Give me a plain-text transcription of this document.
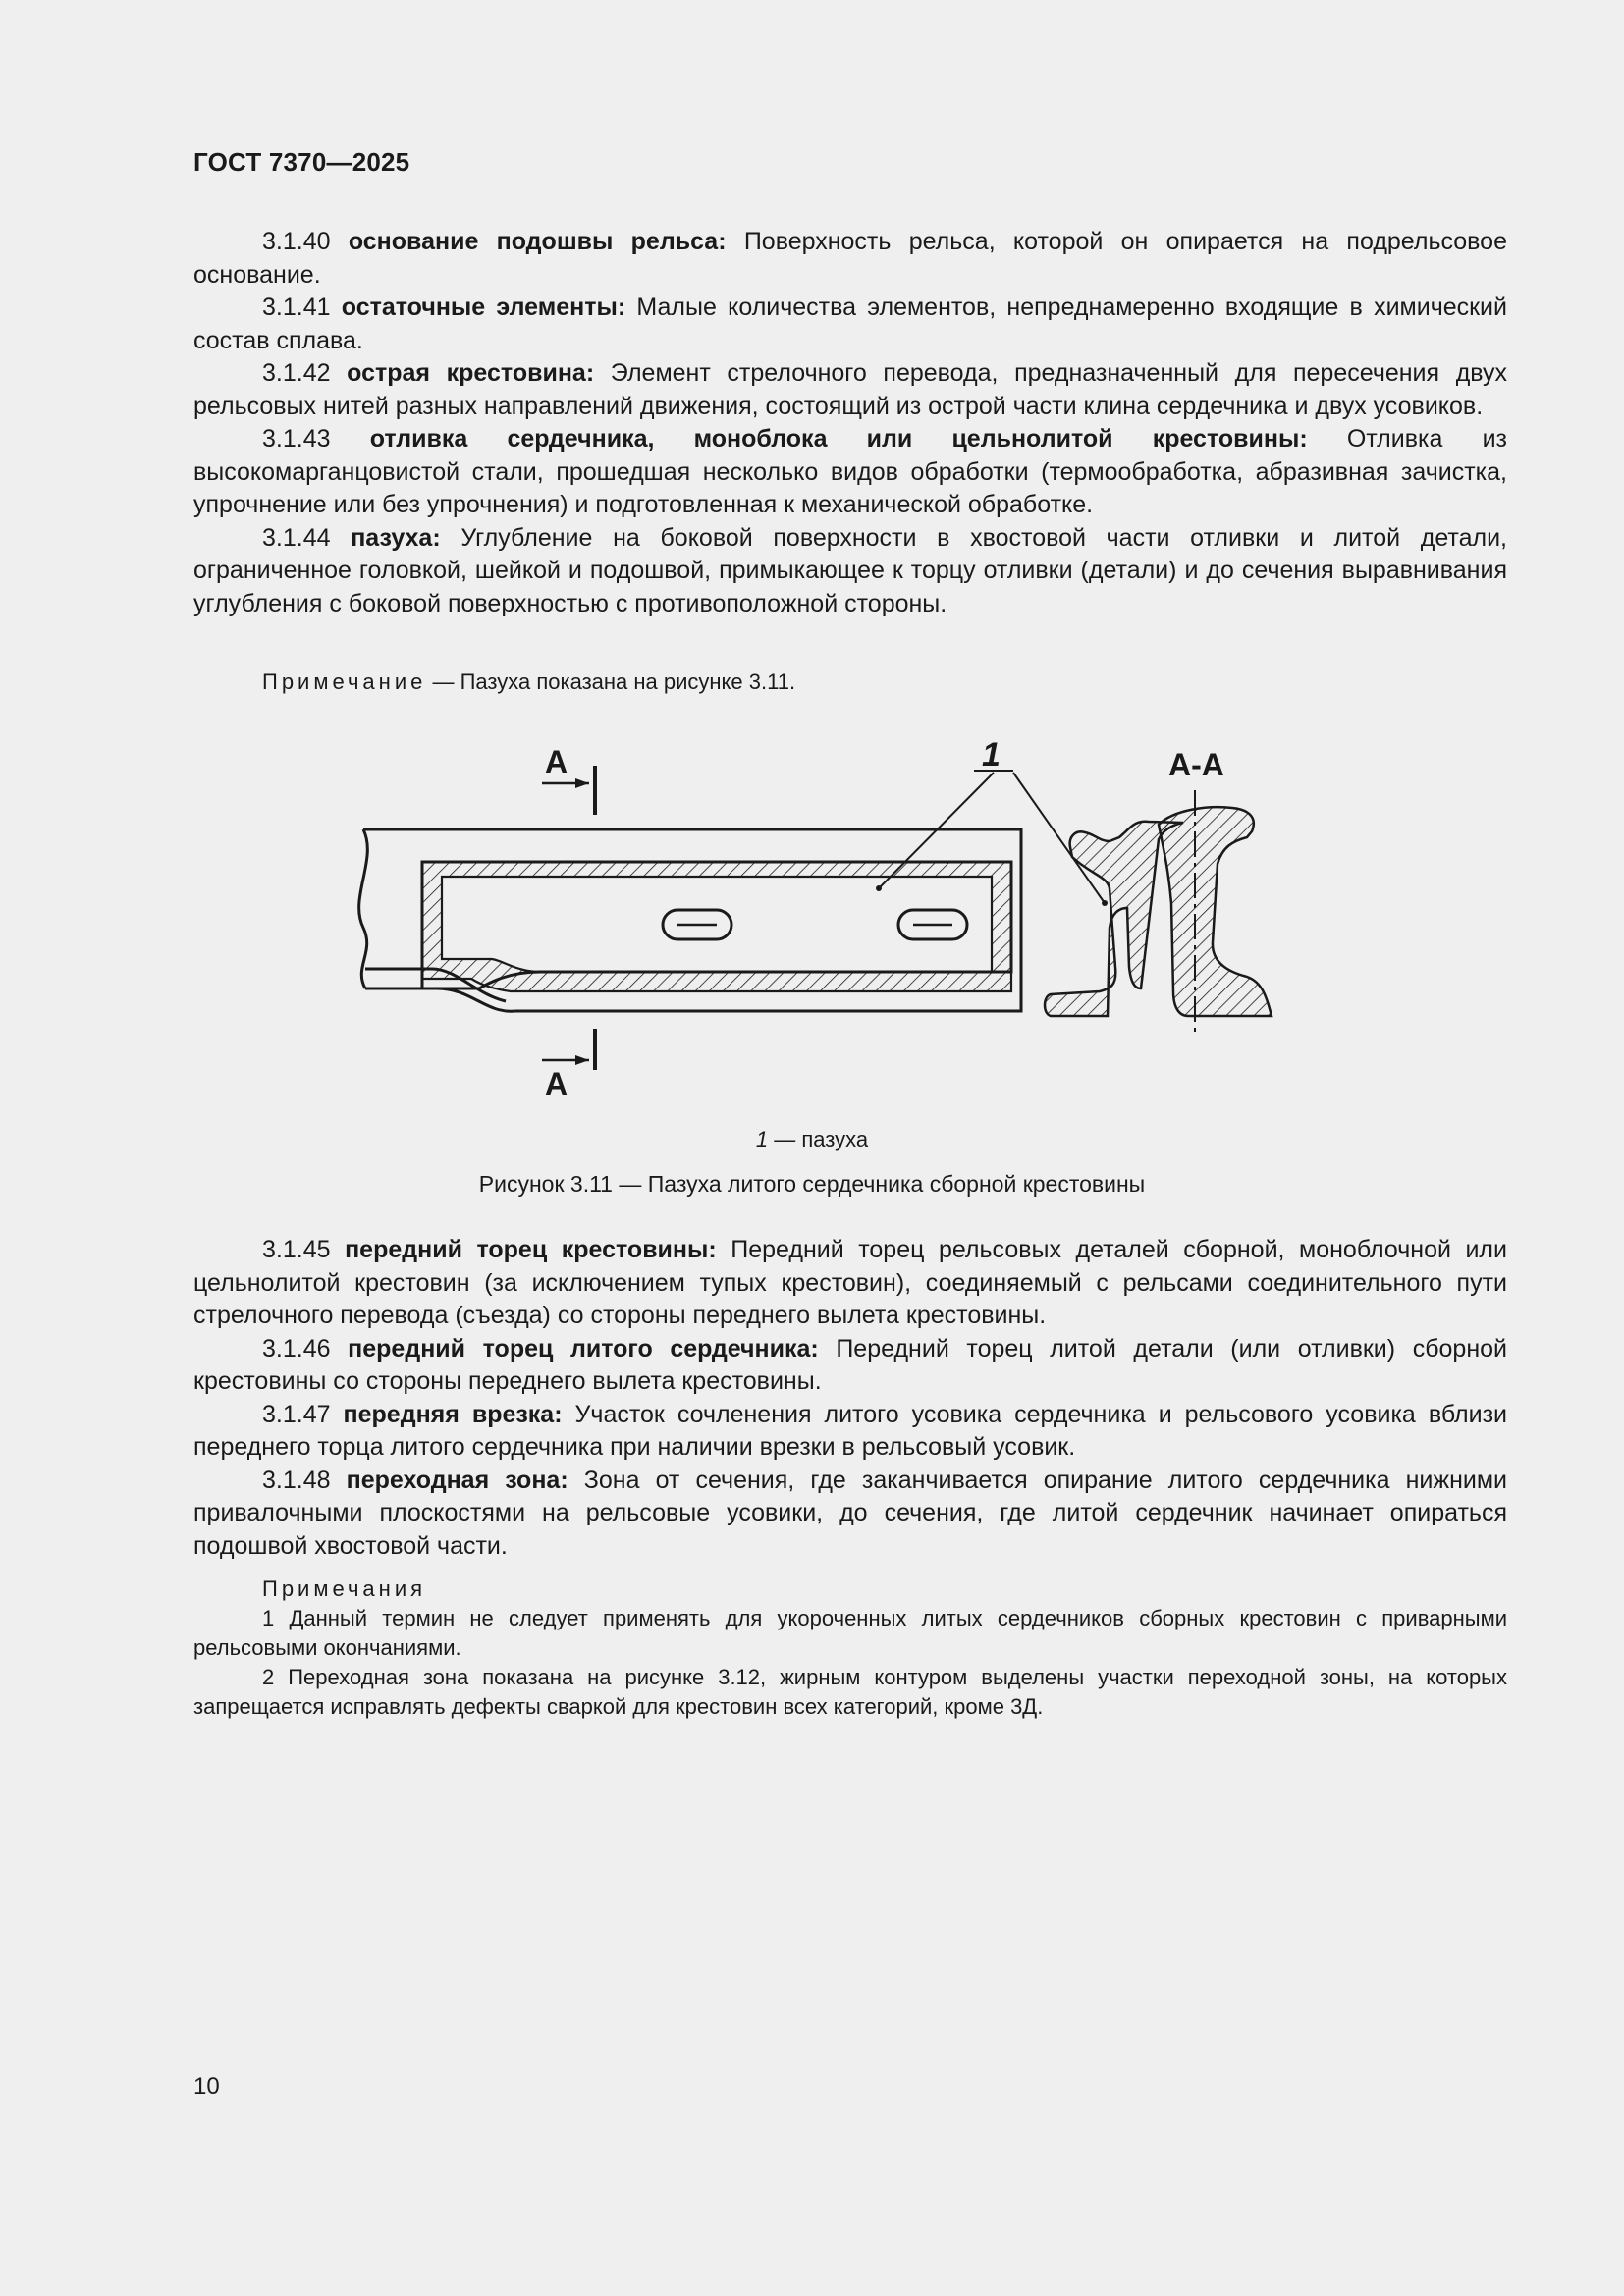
ГОСТ 7370—2025

3.1.40 основание подошвы рельса: Поверхность рельса, которой он опирается на подрельсовое основание.

3.1.41 остаточные элементы: Малые количества элементов, непреднамеренно входящие в химический состав сплава.

3.1.42 острая крестовина: Элемент стрелочного перевода, предназначенный для пересечения двух рельсовых нитей разных направлений движения, состоящий из острой части клина сердечника и двух усовиков.

3.1.43 отливка сердечника, моноблока или цельнолитой крестовины: Отливка из высокомарганцовистой стали, прошедшая несколько видов обработки (термообработка, абразивная зачистка, упрочнение или без упрочнения) и подготовленная к механической обработке.

3.1.44 пазуха: Углубление на боковой поверхности в хвостовой части отливки и литой детали, ограниченное головкой, шейкой и подошвой, примыкающее к торцу отливки (детали) и до сечения выравнивания углубления с боковой поверхностью с противоположной стороны.

Примечание — Пазуха показана на рисунке 3.11.
A
A
1	A-A
1 — пазуха
Рисунок 3.11 — Пазуха литого сердечника сборной крестовины

3.1.45 передний торец крестовины: Передний торец рельсовых деталей сборной, моноблочной или цельнолитой крестовин (за исключением тупых крестовин), соединяемый с рельсами соединительного пути стрелочного перевода (съезда) со стороны переднего вылета крестовины.

3.1.46 передний торец литого сердечника: Передний торец литой детали (или отливки) сборной крестовины со стороны переднего вылета крестовины.

3.1.47 передняя врезка: Участок сочленения литого усовика сердечника и рельсового усовика вблизи переднего торца литого сердечника при наличии врезки в рельсовый усовик.

3.1.48 переходная зона: Зона от сечения, где заканчивается опирание литого сердечника нижними привалочными плоскостями на рельсовые усовики, до сечения, где литой сердечник начинает опираться подошвой хвостовой части.

Примечания

1 Данный термин не следует применять для укороченных литых сердечников сборных крестовин с приварными рельсовыми окончаниями.

2 Переходная зона показана на рисунке 3.12, жирным контуром выделены участки переходной зоны, на которых запрещается исправлять дефекты сваркой для крестовин всех категорий, кроме 3Д.

10
